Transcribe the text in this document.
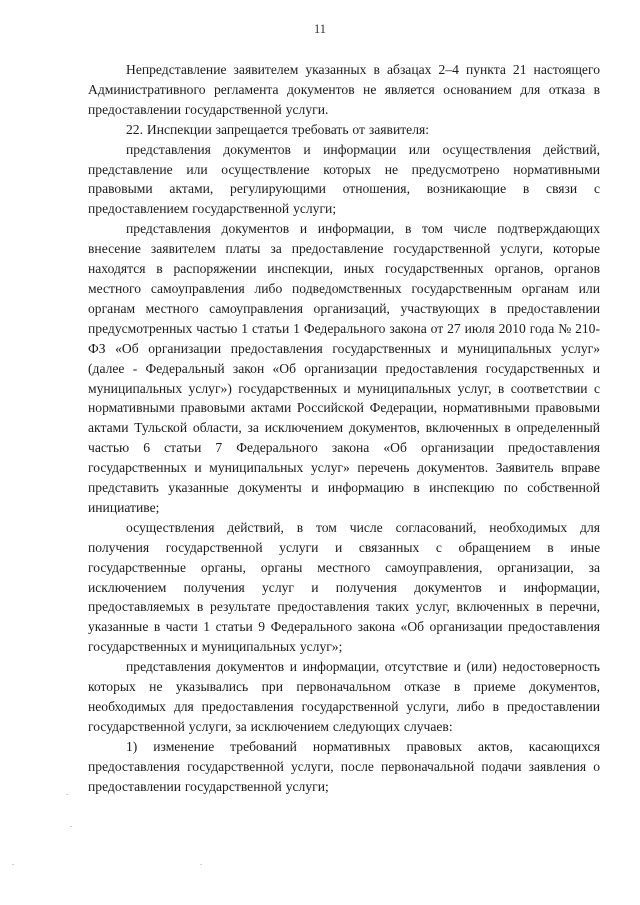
11

Непредставление заявителем указанных в абзацах 2–4 пункта 21 настоящего Административного регламента документов не является основанием для отказа в предоставлении государственной услуги.

22. Инспекции запрещается требовать от заявителя:

представления документов и информации или осуществления действий, представление или осуществление которых не предусмотрено нормативными правовыми актами, регулирующими отношения, возникающие в связи с предоставлением государственной услуги;

представления документов и информации, в том числе подтверждающих внесение заявителем платы за предоставление государственной услуги, которые находятся в распоряжении инспекции, иных государственных органов, органов местного самоуправления либо подведомственных государственным органам или органам местного самоуправления организаций, участвующих в предоставлении предусмотренных частью 1 статьи 1 Федерального закона от 27 июля 2010 года № 210-ФЗ «Об организации предоставления государственных и муниципальных услуг» (далее - Федеральный закон «Об организации предоставления государственных и муниципальных услуг») государственных и муниципальных услуг, в соответствии с нормативными правовыми актами Российской Федерации, нормативными правовыми актами Тульской области, за исключением документов, включенных в определенный частью 6 статьи 7 Федерального закона «Об организации предоставления государственных и муниципальных услуг» перечень документов. Заявитель вправе представить указанные документы и информацию в инспекцию по собственной инициативе;

осуществления действий, в том числе согласований, необходимых для получения государственной услуги и связанных с обращением в иные государственные органы, органы местного самоуправления, организации, за исключением получения услуг и получения документов и информации, предоставляемых в результате предоставления таких услуг, включенных в перечни, указанные в части 1 статьи 9 Федерального закона «Об организации предоставления государственных и муниципальных услуг»;

представления документов и информации, отсутствие и (или) недостоверность которых не указывались при первоначальном отказе в приеме документов, необходимых для предоставления государственной услуги, либо в предоставлении государственной услуги, за исключением следующих случаев:

1) изменение требований нормативных правовых актов, касающихся предоставления государственной услуги, после первоначальной подачи заявления о предоставлении государственной услуги;

.
.
.	.
